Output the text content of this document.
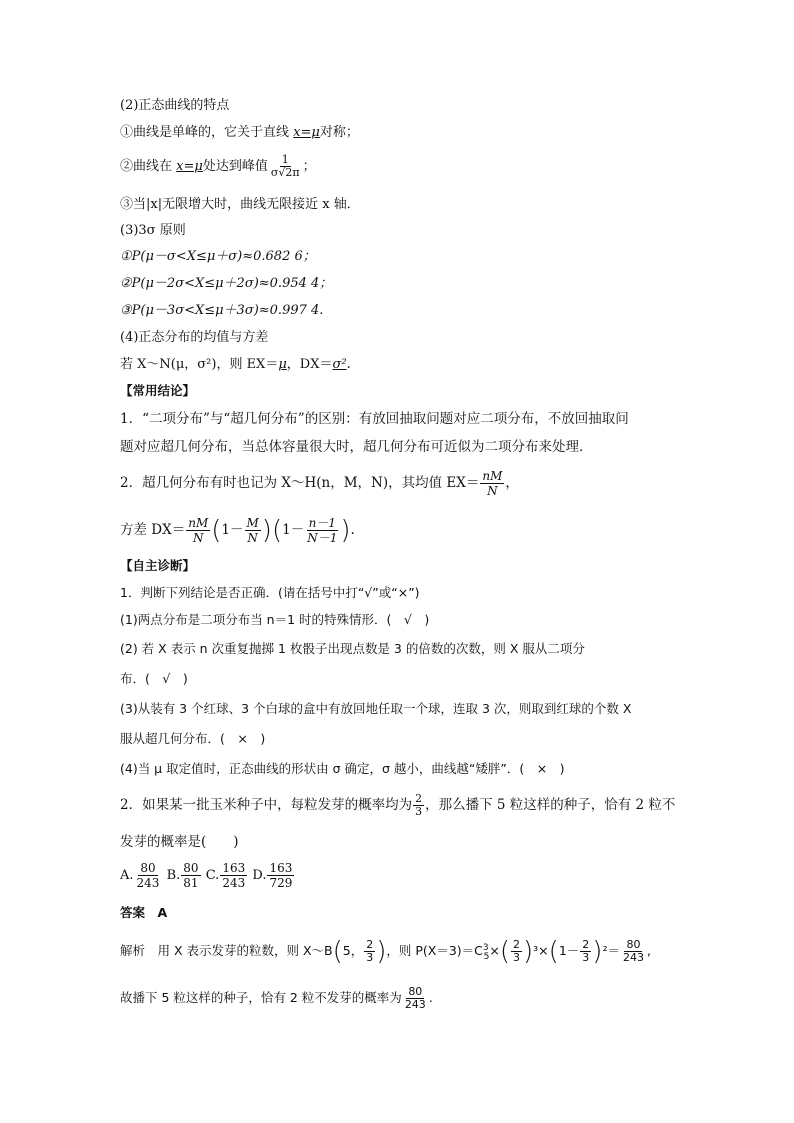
(2)正态曲线的特点
①曲线是单峰的，它关于直线 x=μ对称；
②曲线在 x=μ处达到峰值 $\frac{1}{\sigma√2\pi}$ ；
③当|x|无限增大时，曲线无限接近 x 轴．
(3)3σ 原则
①P(μ－σ<X≤μ＋σ)≈0.682 6；
②P(μ－2σ<X≤μ＋2σ)≈0.954 4；
③P(μ－3σ<X≤μ＋3σ)≈0.997 4.
(4)正态分布的均值与方差
若 X～N(μ，σ²)，则 EX＝μ，DX＝σ².
【常用结论】
1．“二项分布”与“超几何分布”的区别：有放回抽取问题对应二项分布，不放回抽取问
题对应超几何分布，当总体容量很大时，超几何分布可近似为二项分布来处理．
2．超几何分布有时也记为 X～H(n，M，N)，其均值 $EX= \frac{nM}{N}$ ，
方差 $DX= \frac{nM}{N} (1- \frac{M}{N} )(1- \frac{n-1}{N-1}$ ).
【自主诊断】
1．判断下列结论是否正确．(请在括号中打“√”或“×”)
(1)两点分布是二项分布当 n＝1 时的特殊情形．(　√　)
(2) 若 X 表示 n 次重复抛掷 1 枚骰子出现点数是 3 的倍数的次数，则 X 服从二项分
布．(　√　)
(3)从装有 3 个红球、3 个白球的盒中有放回地任取一个球，连取 3 次，则取到红球的个数 X
服从超几何分布．(　×　)
(4)当 μ 取定值时，正态曲线的形状由 σ 确定，σ 越小，曲线越“矮胖”．(　×　)
2．如果某一批玉米种子中，每粒发芽的概率均为 $\frac{2}{3}$ ，那么播下 5 粒这样的种子，恰有 2 粒不
发芽的概率是(　　)
A. $\frac{80}{243} B$. $\frac{80}{81} C$. $\frac{163}{243} D$. $\frac{163}{729}$
答案　A
解析　用 X 表示发芽的粒数，则 X～B(5， $\frac{2}{3}$ )，则 $P(X=3)=C^3_5\times( \frac{2}{3} )^3\times(1- \frac{2}{3} )^2= \frac{80}{243}$ ,
故播下 5 粒这样的种子，恰有 2 粒不发芽的概率为 $\frac{80}{243}$ .
